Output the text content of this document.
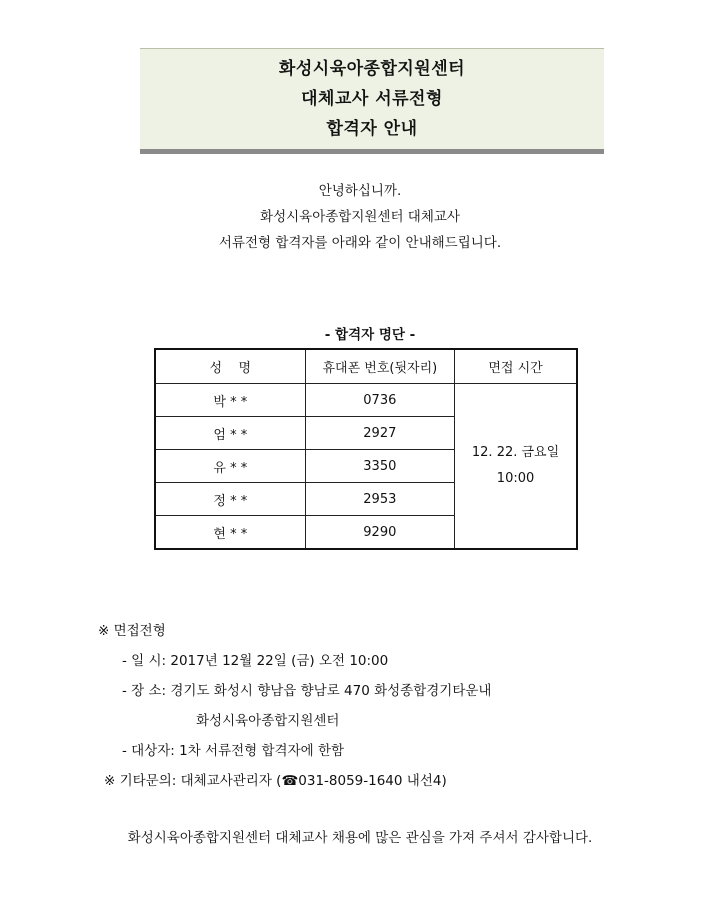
화성시육아종합지원센터
대체교사 서류전형
합격자 안내
안녕하십니까.
화성시육아종합지원센터 대체교사
서류전형 합격자를 아래와 같이 안내해드립니다.
- 합격자 명단 -
성    명	휴대폰 번호(뒷자리)	면접 시간
박 * *	0736	12. 22. 금요일
10:00

엄 * *	2927	
유 * *	3350	
정 * *	2953	
현 * *	9290	
※ 면접전형
- 일 시: 2017년 12월 22일 (금) 오전 10:00
- 장 소: 경기도 화성시 향남읍 향남로 470 화성종합경기타운내
화성시육아종합지원센터
- 대상자: 1차 서류전형 합격자에 한함
※ 기타문의: 대체교사관리자 (☎031-8059-1640 내선4)
화성시육아종합지원센터 대체교사 채용에 많은 관심을 가져 주셔서 감사합니다.
